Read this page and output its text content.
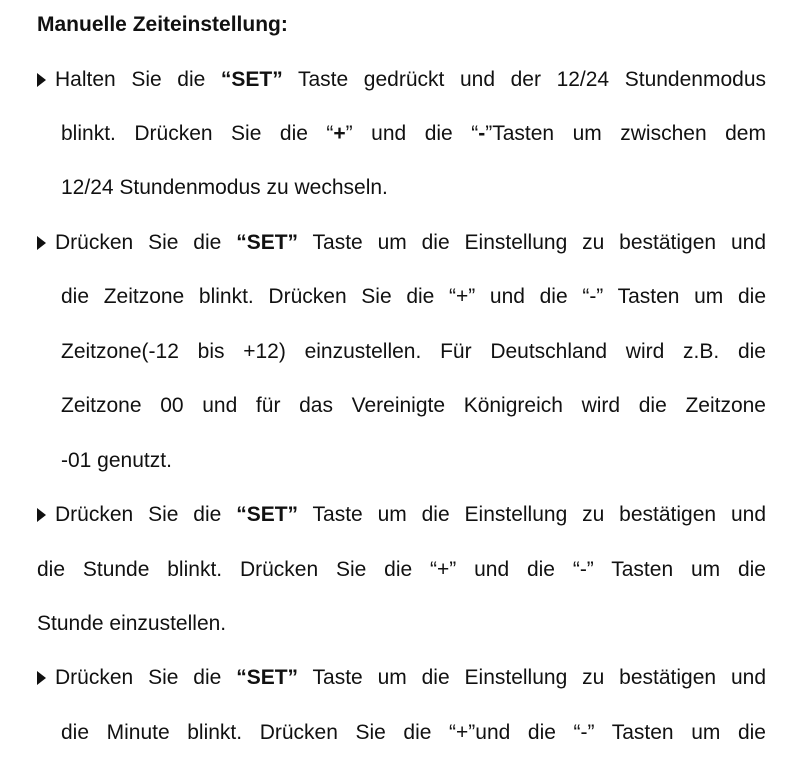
Manuelle Zeiteinstellung:
Halten Sie die “SET” Taste gedrückt und der 12/24 Stundenmodus
blinkt. Drücken Sie die “+” und die “-”Tasten um zwischen dem
12/24 Stundenmodus zu wechseln.
Drücken Sie die “SET” Taste um die Einstellung zu bestätigen und
die Zeitzone blinkt. Drücken Sie die “+” und die “-” Tasten um die
Zeitzone(-12 bis +12) einzustellen. Für Deutschland wird z.B. die
Zeitzone 00 und für das Vereinigte Königreich wird die Zeitzone
-01 genutzt.
Drücken Sie die “SET” Taste um die Einstellung zu bestätigen und
die Stunde blinkt. Drücken Sie die “+” und die “-” Tasten um die
Stunde einzustellen.
Drücken Sie die “SET” Taste um die Einstellung zu bestätigen und
die Minute blinkt. Drücken Sie die “+”und die “-” Tasten um die
